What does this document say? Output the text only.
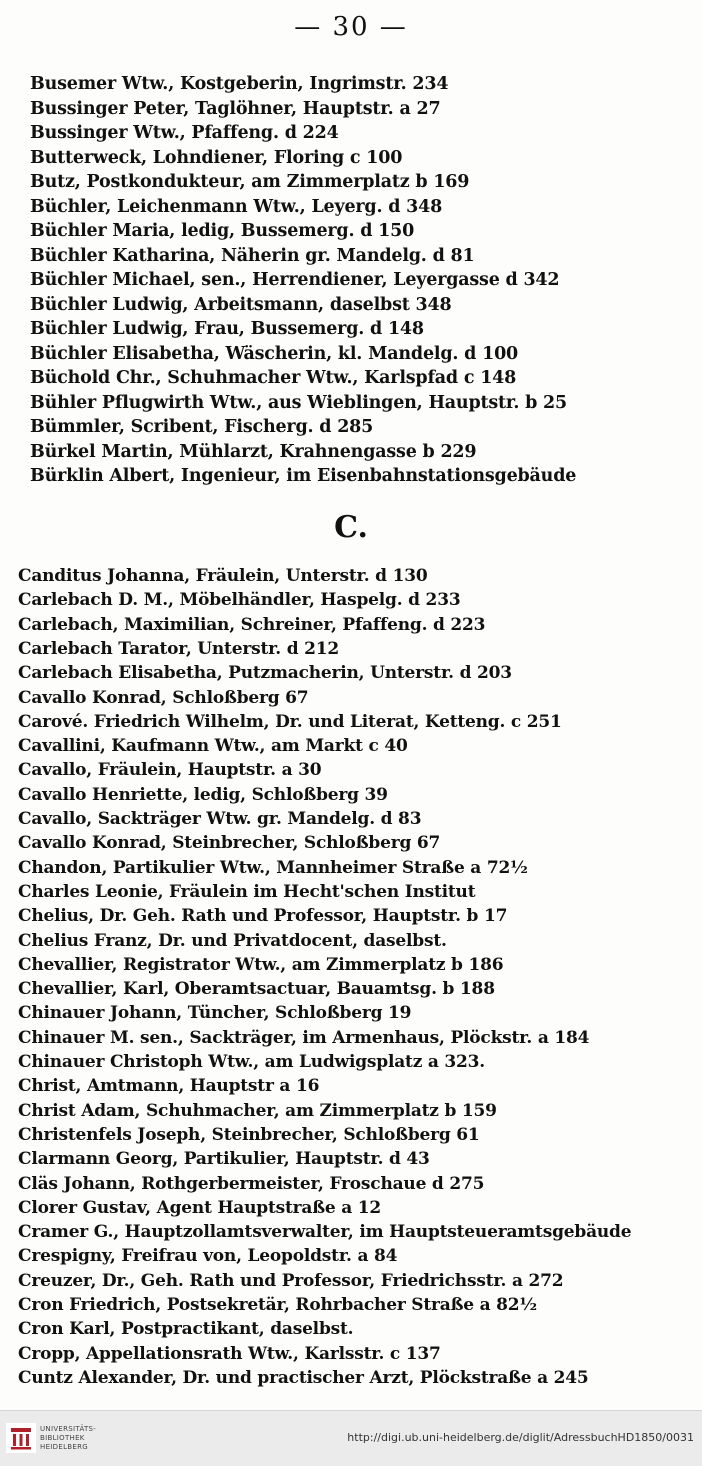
— 30 —
Busemer Wtw., Kostgeberin, Ingrimstr. 234
Bussinger Peter, Taglöhner, Hauptstr. a 27
Bussinger Wtw., Pfaffeng. d 224
Butterweck, Lohndiener, Floring c 100
Butz, Postkondukteur, am Zimmerplatz b 169
Büchler, Leichenmann Wtw., Leyerg. d 348
Büchler Maria, ledig, Bussemerg. d 150
Büchler Katharina, Näherin gr. Mandelg. d 81
Büchler Michael, sen., Herrendiener, Leyergasse d 342
Büchler Ludwig, Arbeitsmann, daselbst 348
Büchler Ludwig, Frau, Bussemerg. d 148
Büchler Elisabetha, Wäscherin, kl. Mandelg. d 100
Büchold Chr., Schuhmacher Wtw., Karlspfad c 148
Bühler Pflugwirth Wtw., aus Wieblingen, Hauptstr. b 25
Bümmler, Scribent, Fischerg. d 285
Bürkel Martin, Mühlarzt, Krahnengasse b 229
Bürklin Albert, Ingenieur, im Eisenbahnstationsgebäude
C.
Canditus Johanna, Fräulein, Unterstr. d 130
Carlebach D. M., Möbelhändler, Haspelg. d 233
Carlebach, Maximilian, Schreiner, Pfaffeng. d 223
Carlebach Tarator, Unterstr. d 212
Carlebach Elisabetha, Putzmacherin, Unterstr. d 203
Cavallo Konrad, Schloßberg 67
Carové. Friedrich Wilhelm, Dr. und Literat, Ketteng. c 251
Cavallini, Kaufmann Wtw., am Markt c 40
Cavallo, Fräulein, Hauptstr. a 30
Cavallo Henriette, ledig, Schloßberg 39
Cavallo, Sackträger Wtw. gr. Mandelg. d 83
Cavallo Konrad, Steinbrecher, Schloßberg 67
Chandon, Partikulier Wtw., Mannheimer Straße a 72½
Charles Leonie, Fräulein im Hecht'schen Institut
Chelius, Dr. Geh. Rath und Professor, Hauptstr. b 17
Chelius Franz, Dr. und Privatdocent, daselbst.
Chevallier, Registrator Wtw., am Zimmerplatz b 186
Chevallier, Karl, Oberamtsactuar, Bauamtsg. b 188
Chinauer Johann, Tüncher, Schloßberg 19
Chinauer M. sen., Sackträger, im Armenhaus, Plöckstr. a 184
Chinauer Christoph Wtw., am Ludwigsplatz a 323.
Christ, Amtmann, Hauptstr a 16
Christ Adam, Schuhmacher, am Zimmerplatz b 159
Christenfels Joseph, Steinbrecher, Schloßberg 61
Clarmann Georg, Partikulier, Hauptstr. d 43
Cläs Johann, Rothgerbermeister, Froschaue d 275
Clorer Gustav, Agent Hauptstraße a 12
Cramer G., Hauptzollamtsverwalter, im Hauptsteueramtsgebäude
Crespigny, Freifrau von, Leopoldstr. a 84
Creuzer, Dr., Geh. Rath und Professor, Friedrichsstr. a 272
Cron Friedrich, Postsekretär, Rohrbacher Straße a 82½
Cron Karl, Postpractikant, daselbst.
Cropp, Appellationsrath Wtw., Karlsstr. c 137
Cuntz Alexander, Dr. und practischer Arzt, Plöckstraße a 245
UNIVERSITÄTS-
BIBLIOTHEK
HEIDELBERG
http://digi.ub.uni-heidelberg.de/diglit/AdressbuchHD1850/0031
